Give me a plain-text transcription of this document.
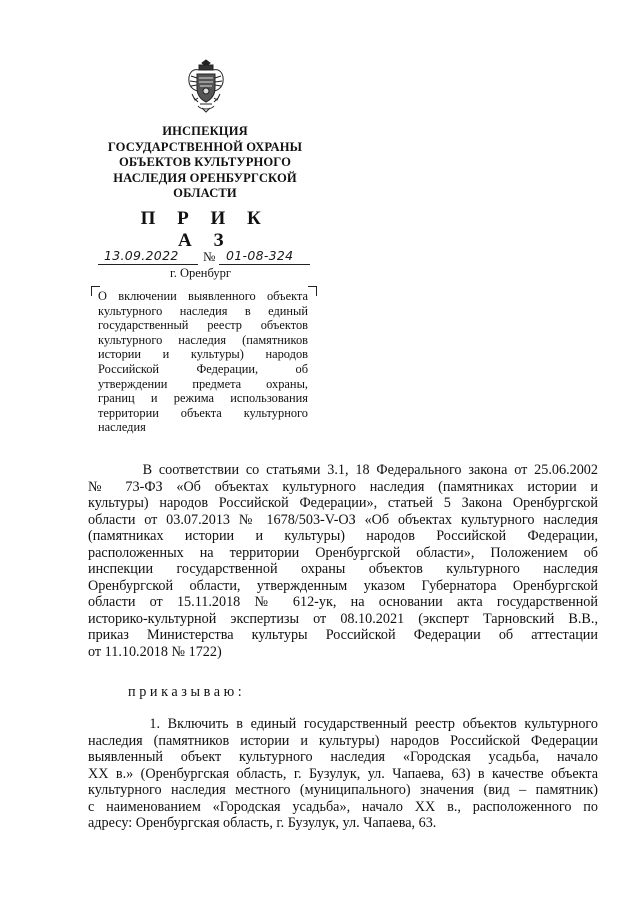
ИНСПЕКЦИЯ
ГОСУДАРСТВЕННОЙ ОХРАНЫ
ОБЪЕКТОВ КУЛЬТУРНОГО
НАСЛЕДИЯ ОРЕНБУРГСКОЙ
ОБЛАСТИ
П Р И К А З
13.09.2022 № 01-08-324
г. Оренбург
О включении выявленного объекта
культурного наследия в единый
государственный реестр объектов
культурного наследия (памятников
истории и культуры) народов
Российской Федерации, об
утверждении предмета охраны,
границ и режима использования
территории объекта культурного
наследия
В соответствии со статьями 3.1, 18 Федерального закона от 25.06.2002
№ 73-ФЗ «Об объектах культурного наследия (памятниках истории и
культуры) народов Российской Федерации», статьей 5 Закона Оренбургской
области от 03.07.2013 № 1678/503-V-ОЗ «Об объектах культурного наследия
(памятниках истории и культуры) народов Российской Федерации,
расположенных на территории Оренбургской области», Положением об
инспекции государственной охраны объектов культурного наследия
Оренбургской области, утвержденным указом Губернатора Оренбургской
области от 15.11.2018 № 612-ук, на основании акта государственной
историко-культурной экспертизы от 08.10.2021 (эксперт Тарновский В.В.,
приказ Министерства культуры Российской Федерации об аттестации
от 11.10.2018 № 1722)
приказываю:
1. Включить в единый государственный реестр объектов культурного
наследия (памятников истории и культуры) народов Российской Федерации
выявленный объект культурного наследия «Городская усадьба, начало
XX в.» (Оренбургская область, г. Бузулук, ул. Чапаева, 63) в качестве объекта
культурного наследия местного (муниципального) значения (вид – памятник)
с наименованием «Городская усадьба», начало XX в., расположенного по
адресу: Оренбургская область, г. Бузулук, ул. Чапаева, 63.
